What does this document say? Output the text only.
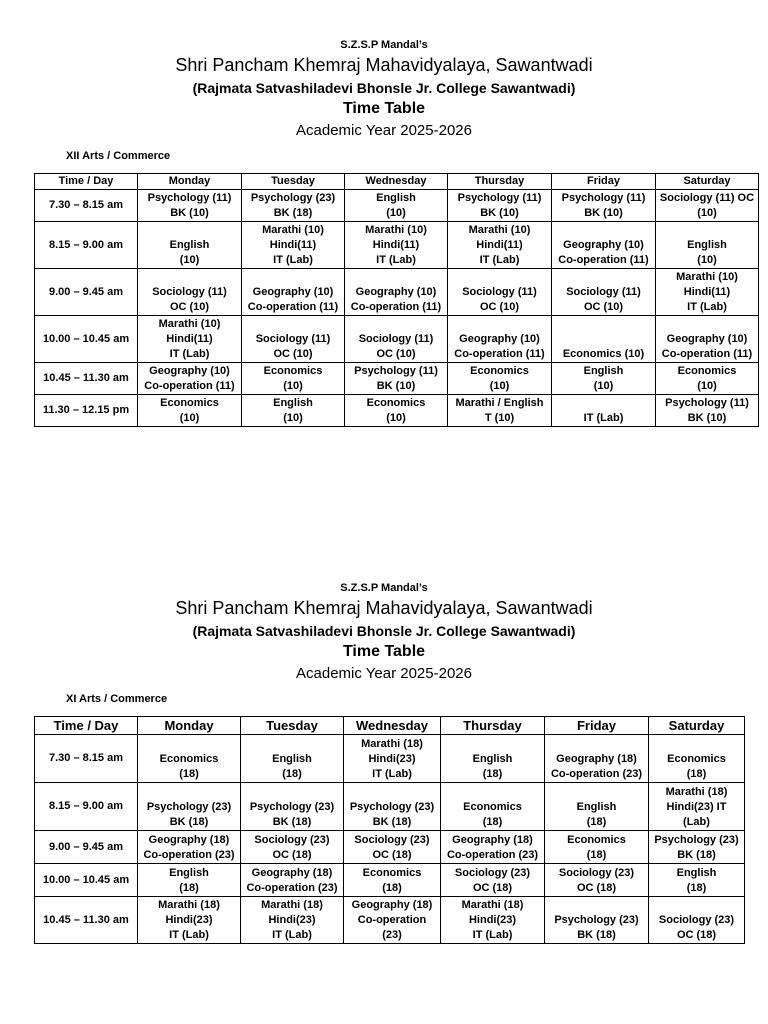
S.Z.S.P Mandal’s
Shri Pancham Khemraj Mahavidyalaya, Sawantwadi
(Rajmata Satvashiladevi Bhonsle Jr. College Sawantwadi)
Time Table
Academic Year 2025-2026
XII Arts / Commerce
Time / Day	Monday	Tuesday	Wednesday	Thursday	Friday	Saturday
7.30 – 8.15 am	Psychology (11)
BK (10)	Psychology (23)
BK (18)	English
(10)	Psychology (11)
BK (10)	Psychology (11)
BK (10)	Sociology (11) OC
(10)
8.15 – 9.00 am	English
(10)	Marathi (10)
Hindi(11)
IT (Lab)	Marathi (10)
Hindi(11)
IT (Lab)	Marathi (10)
Hindi(11)
IT (Lab)	Geography (10)
Co-operation (11)	English
(10)
9.00 – 9.45 am	Sociology (11)
OC (10)	Geography (10)
Co-operation (11)	Geography (10)
Co-operation (11)	Sociology (11)
OC (10)	Sociology (11)
OC (10)	Marathi (10)
Hindi(11)
IT (Lab)
10.00 – 10.45 am	Marathi (10)
Hindi(11)
IT (Lab)	Sociology (11)
OC (10)	Sociology (11)
OC (10)	Geography (10)
Co-operation (11)	Economics (10)	Geography (10)
Co-operation (11)
10.45 – 11.30 am	Geography (10)
Co-operation (11)	Economics
(10)	Psychology (11)
BK (10)	Economics
(10)	English
(10)	Economics
(10)
11.30 – 12.15 pm	Economics
(10)	English
(10)	Economics
(10)	Marathi / English
T (10)	IT (Lab)	Psychology (11)
BK (10)
S.Z.S.P Mandal’s
Shri Pancham Khemraj Mahavidyalaya, Sawantwadi
(Rajmata Satvashiladevi Bhonsle Jr. College Sawantwadi)
Time Table
Academic Year 2025-2026
XI Arts / Commerce
Time / Day	Monday	Tuesday	Wednesday	Thursday	Friday	Saturday
7.30 – 8.15 am	Economics
(18)	English
(18)	Marathi (18)
Hindi(23)
IT (Lab)	English
(18)	Geography (18)
Co-operation (23)	Economics
(18)
8.15 – 9.00 am	Psychology (23)
BK (18)	Psychology (23)
BK (18)	Psychology (23)
BK (18)	Economics
(18)	English
(18)	Marathi (18)
Hindi(23) IT
(Lab)
9.00 – 9.45 am	Geography (18)
Co-operation (23)	Sociology (23)
OC (18)	Sociology (23)
OC (18)	Geography (18)
Co-operation (23)	Economics
(18)	Psychology (23)
BK (18)
10.00 – 10.45 am	English
(18)	Geography (18)
Co-operation (23)	Economics
(18)	Sociology (23)
OC (18)	Sociology (23)
OC (18)	English
(18)
10.45 – 11.30 am	Marathi (18)
Hindi(23)
IT (Lab)	Marathi (18)
Hindi(23)
IT (Lab)	Geography (18)
Co-operation
(23)	Marathi (18)
Hindi(23)
IT (Lab)	Psychology (23)
BK (18)	Sociology (23)
OC (18)
